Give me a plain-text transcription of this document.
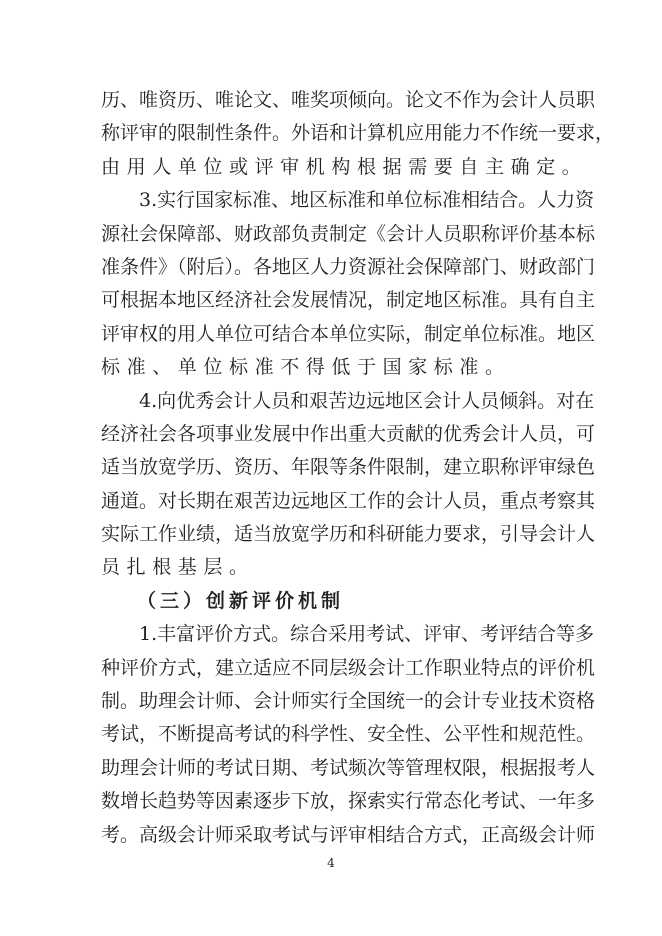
历、唯资历、唯论文、唯奖项倾向。论文不作为会计人员职
称评审的限制性条件。外语和计算机应用能力不作统一要求，
由用人单位或评审机构根据需要自主确定。
3.实行国家标准、地区标准和单位标准相结合。人力资
源社会保障部、财政部负责制定《会计人员职称评价基本标
准条件》（附后）。各地区人力资源社会保障部门、财政部门
可根据本地区经济社会发展情况，制定地区标准。具有自主
评审权的用人单位可结合本单位实际，制定单位标准。地区
标准、单位标准不得低于国家标准。
4.向优秀会计人员和艰苦边远地区会计人员倾斜。对在
经济社会各项事业发展中作出重大贡献的优秀会计人员，可
适当放宽学历、资历、年限等条件限制，建立职称评审绿色
通道。对长期在艰苦边远地区工作的会计人员，重点考察其
实际工作业绩，适当放宽学历和科研能力要求，引导会计人
员扎根基层。
（三）创新评价机制
1.丰富评价方式。综合采用考试、评审、考评结合等多
种评价方式，建立适应不同层级会计工作职业特点的评价机
制。助理会计师、会计师实行全国统一的会计专业技术资格
考试，不断提高考试的科学性、安全性、公平性和规范性。
助理会计师的考试日期、考试频次等管理权限，根据报考人
数增长趋势等因素逐步下放，探索实行常态化考试、一年多
考。高级会计师采取考试与评审相结合方式，正高级会计师
4
